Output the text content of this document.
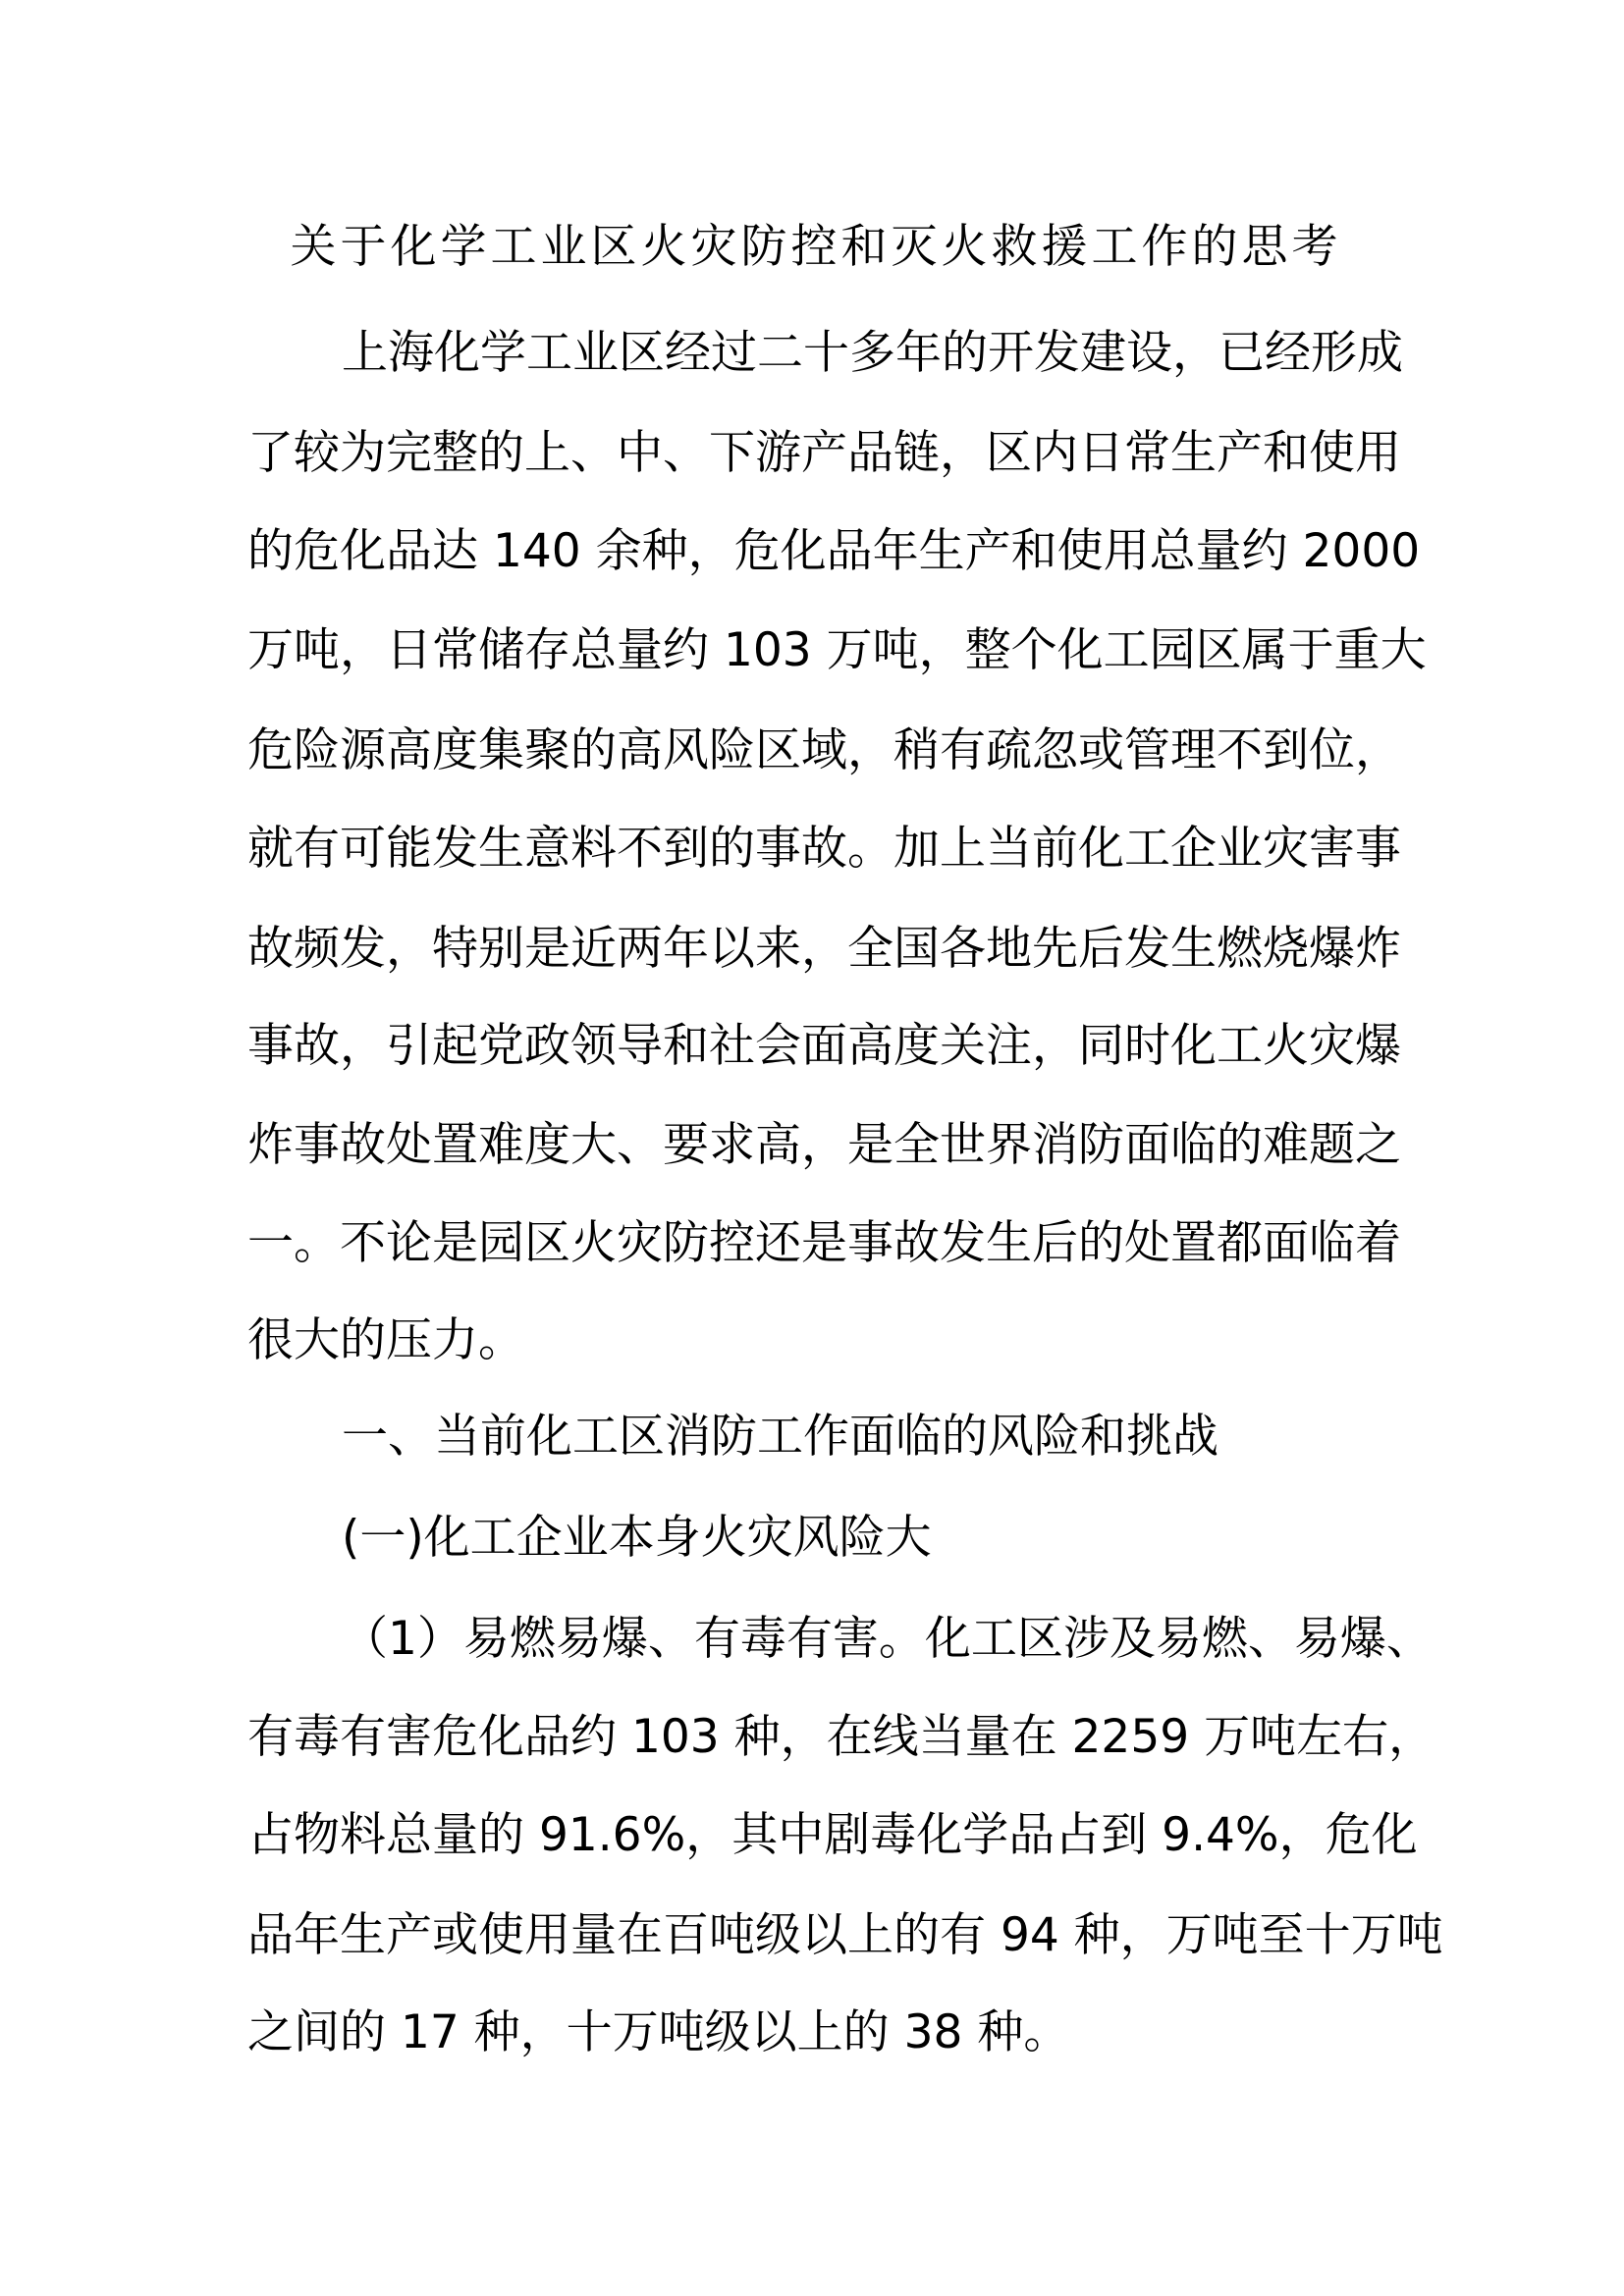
关于化学工业区火灾防控和灭火救援工作的思考
上海化学工业区经过二十多年的开发建设，已经形成
了较为完整的上、中、下游产品链，区内日常生产和使用
的危化品达 140 余种，危化品年生产和使用总量约 2000
万吨，日常储存总量约 103 万吨，整个化工园区属于重大
危险源高度集聚的高风险区域，稍有疏忽或管理不到位，
就有可能发生意料不到的事故。加上当前化工企业灾害事
故频发，特别是近两年以来，全国各地先后发生燃烧爆炸
事故，引起党政领导和社会面高度关注，同时化工火灾爆
炸事故处置难度大、要求高，是全世界消防面临的难题之
一。不论是园区火灾防控还是事故发生后的处置都面临着
很大的压力。
一、当前化工区消防工作面临的风险和挑战
(一)化工企业本身火灾风险大
（1）易燃易爆、有毒有害。化工区涉及易燃、易爆、
有毒有害危化品约 103 种，在线当量在 2259 万吨左右，
占物料总量的 91.6%，其中剧毒化学品占到 9.4%，危化
品年生产或使用量在百吨级以上的有 94 种，万吨至十万吨
之间的 17 种，十万吨级以上的 38 种。
